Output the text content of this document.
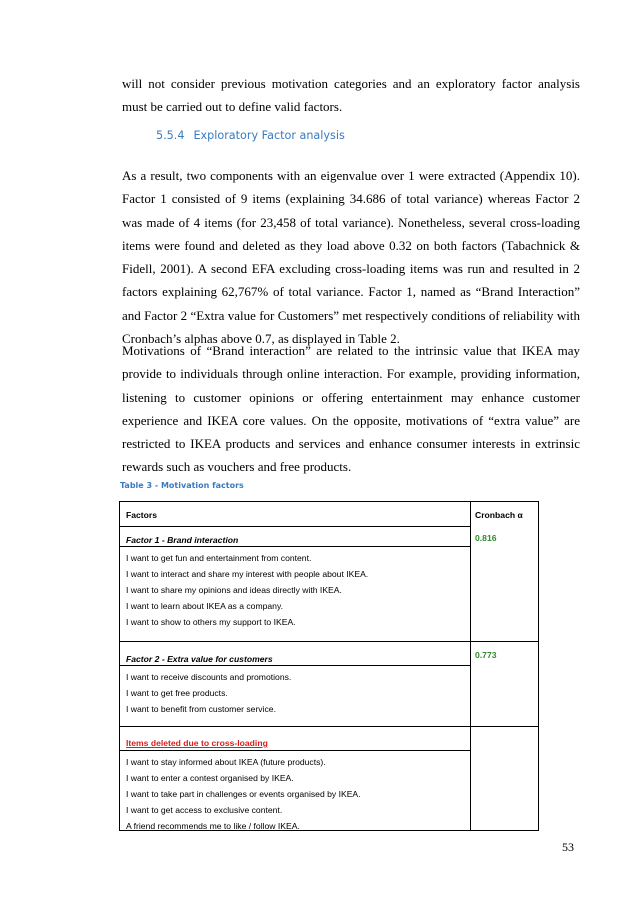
will not consider previous motivation categories and an exploratory factor analysis must be carried out to define valid factors.

5.5.4 Exploratory Factor analysis

As a result, two components with an eigenvalue over 1 were extracted (Appendix 10). Factor 1 consisted of 9 items (explaining 34.686 of total variance) whereas Factor 2 was made of 4 items (for 23,458 of total variance). Nonetheless, several cross-loading items were found and deleted as they load above 0.32 on both factors (Tabachnick & Fidell, 2001). A second EFA excluding cross-loading items was run and resulted in 2 factors explaining 62,767% of total variance. Factor 1, named as “Brand Interaction” and Factor 2 “Extra value for Customers” met respectively conditions of reliability with Cronbach’s alphas above 0.7, as displayed in Table 2.

Motivations of “Brand interaction” are related to the intrinsic value that IKEA may provide to individuals through online interaction. For example, providing information, listening to customer opinions or offering entertainment may enhance customer experience and IKEA core values. On the opposite, motivations of “extra value” are restricted to IKEA products and services and enhance consumer interests in extrinsic rewards such as vouchers and free products.

Table 3 - Motivation factors

Factors	Cronbach α

Factor 1 - Brand interaction	0.816

I want to get fun and entertainment from content.
I want to interact and share my interest with people about IKEA.
I want to share my opinions and ideas directly with IKEA.
I want to learn about IKEA as a company.
I want to show to others my support to IKEA.

Factor 2 - Extra value for customers	0.773

I want to receive discounts and promotions.
I want to get free products.
I want to benefit from customer service.

Items deleted due to cross-loading

I want to stay informed about IKEA (future products).
I want to enter a contest organised by IKEA.
I want to take part in challenges or events organised by IKEA.
I want to get access to exclusive content.
A friend recommends me to like / follow IKEA.

53
